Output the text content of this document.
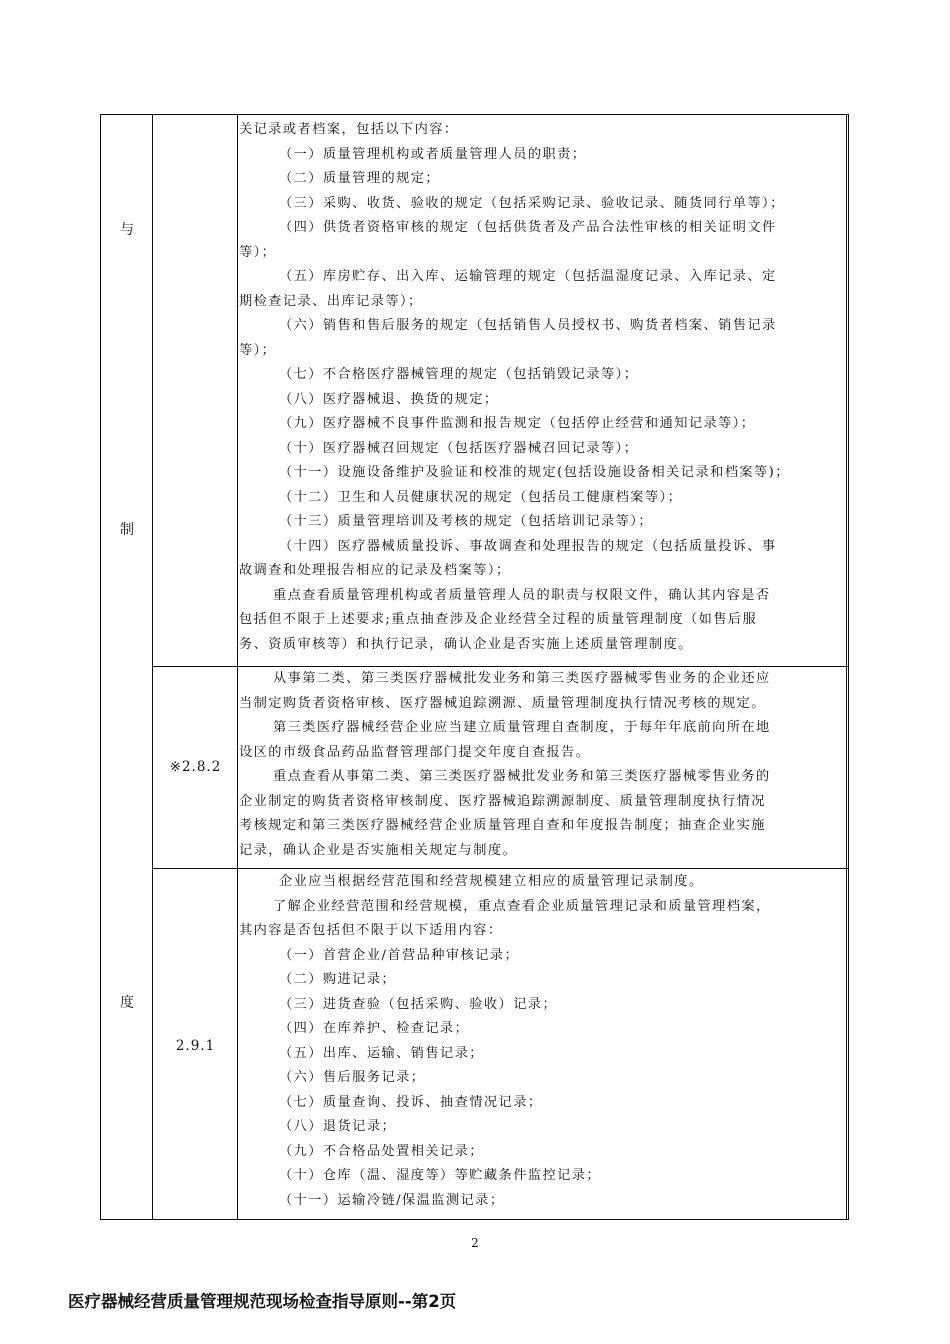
与
制
度
※2.8.2
2.9.1
关记录或者档案，包括以下内容：
（一）质量管理机构或者质量管理人员的职责；
（二）质量管理的规定；
（三）采购、收货、验收的规定（包括采购记录、验收记录、随货同行单等）；
（四）供货者资格审核的规定（包括供货者及产品合法性审核的相关证明文件
等）；
（五）库房贮存、出入库、运输管理的规定（包括温湿度记录、入库记录、定
期检查记录、出库记录等）；
（六）销售和售后服务的规定（包括销售人员授权书、购货者档案、销售记录
等）；
（七）不合格医疗器械管理的规定（包括销毁记录等）；
（八）医疗器械退、换货的规定；
（九）医疗器械不良事件监测和报告规定（包括停止经营和通知记录等）；
（十）医疗器械召回规定（包括医疗器械召回记录等）；
（十一）设施设备维护及验证和校准的规定(包括设施设备相关记录和档案等)；
（十二）卫生和人员健康状况的规定（包括员工健康档案等）；
（十三）质量管理培训及考核的规定（包括培训记录等）；
（十四）医疗器械质量投诉、事故调查和处理报告的规定（包括质量投诉、事
故调查和处理报告相应的记录及档案等）；
重点查看质量管理机构或者质量管理人员的职责与权限文件，确认其内容是否
包括但不限于上述要求;重点抽查涉及企业经营全过程的质量管理制度（如售后服
务、资质审核等）和执行记录，确认企业是否实施上述质量管理制度。
从事第二类、第三类医疗器械批发业务和第三类医疗器械零售业务的企业还应
当制定购货者资格审核、医疗器械追踪溯源、质量管理制度执行情况考核的规定。
第三类医疗器械经营企业应当建立质量管理自查制度，于每年年底前向所在地
设区的市级食品药品监督管理部门提交年度自查报告。
重点查看从事第二类、第三类医疗器械批发业务和第三类医疗器械零售业务的
企业制定的购货者资格审核制度、医疗器械追踪溯源制度、质量管理制度执行情况
考核规定和第三类医疗器械经营企业质量管理自查和年度报告制度；抽查企业实施
记录，确认企业是否实施相关规定与制度。
企业应当根据经营范围和经营规模建立相应的质量管理记录制度。
了解企业经营范围和经营规模，重点查看企业质量管理记录和质量管理档案，
其内容是否包括但不限于以下适用内容：
（一）首营企业/首营品种审核记录；
（二）购进记录；
（三）进货查验（包括采购、验收）记录；
（四）在库养护、检查记录；
（五）出库、运输、销售记录；
（六）售后服务记录；
（七）质量查询、投诉、抽查情况记录；
（八）退货记录；
（九）不合格品处置相关记录；
（十）仓库（温、湿度等）等贮藏条件监控记录；
（十一）运输冷链/保温监测记录；
2
医疗器械经营质量管理规范现场检查指导原则--第2页
